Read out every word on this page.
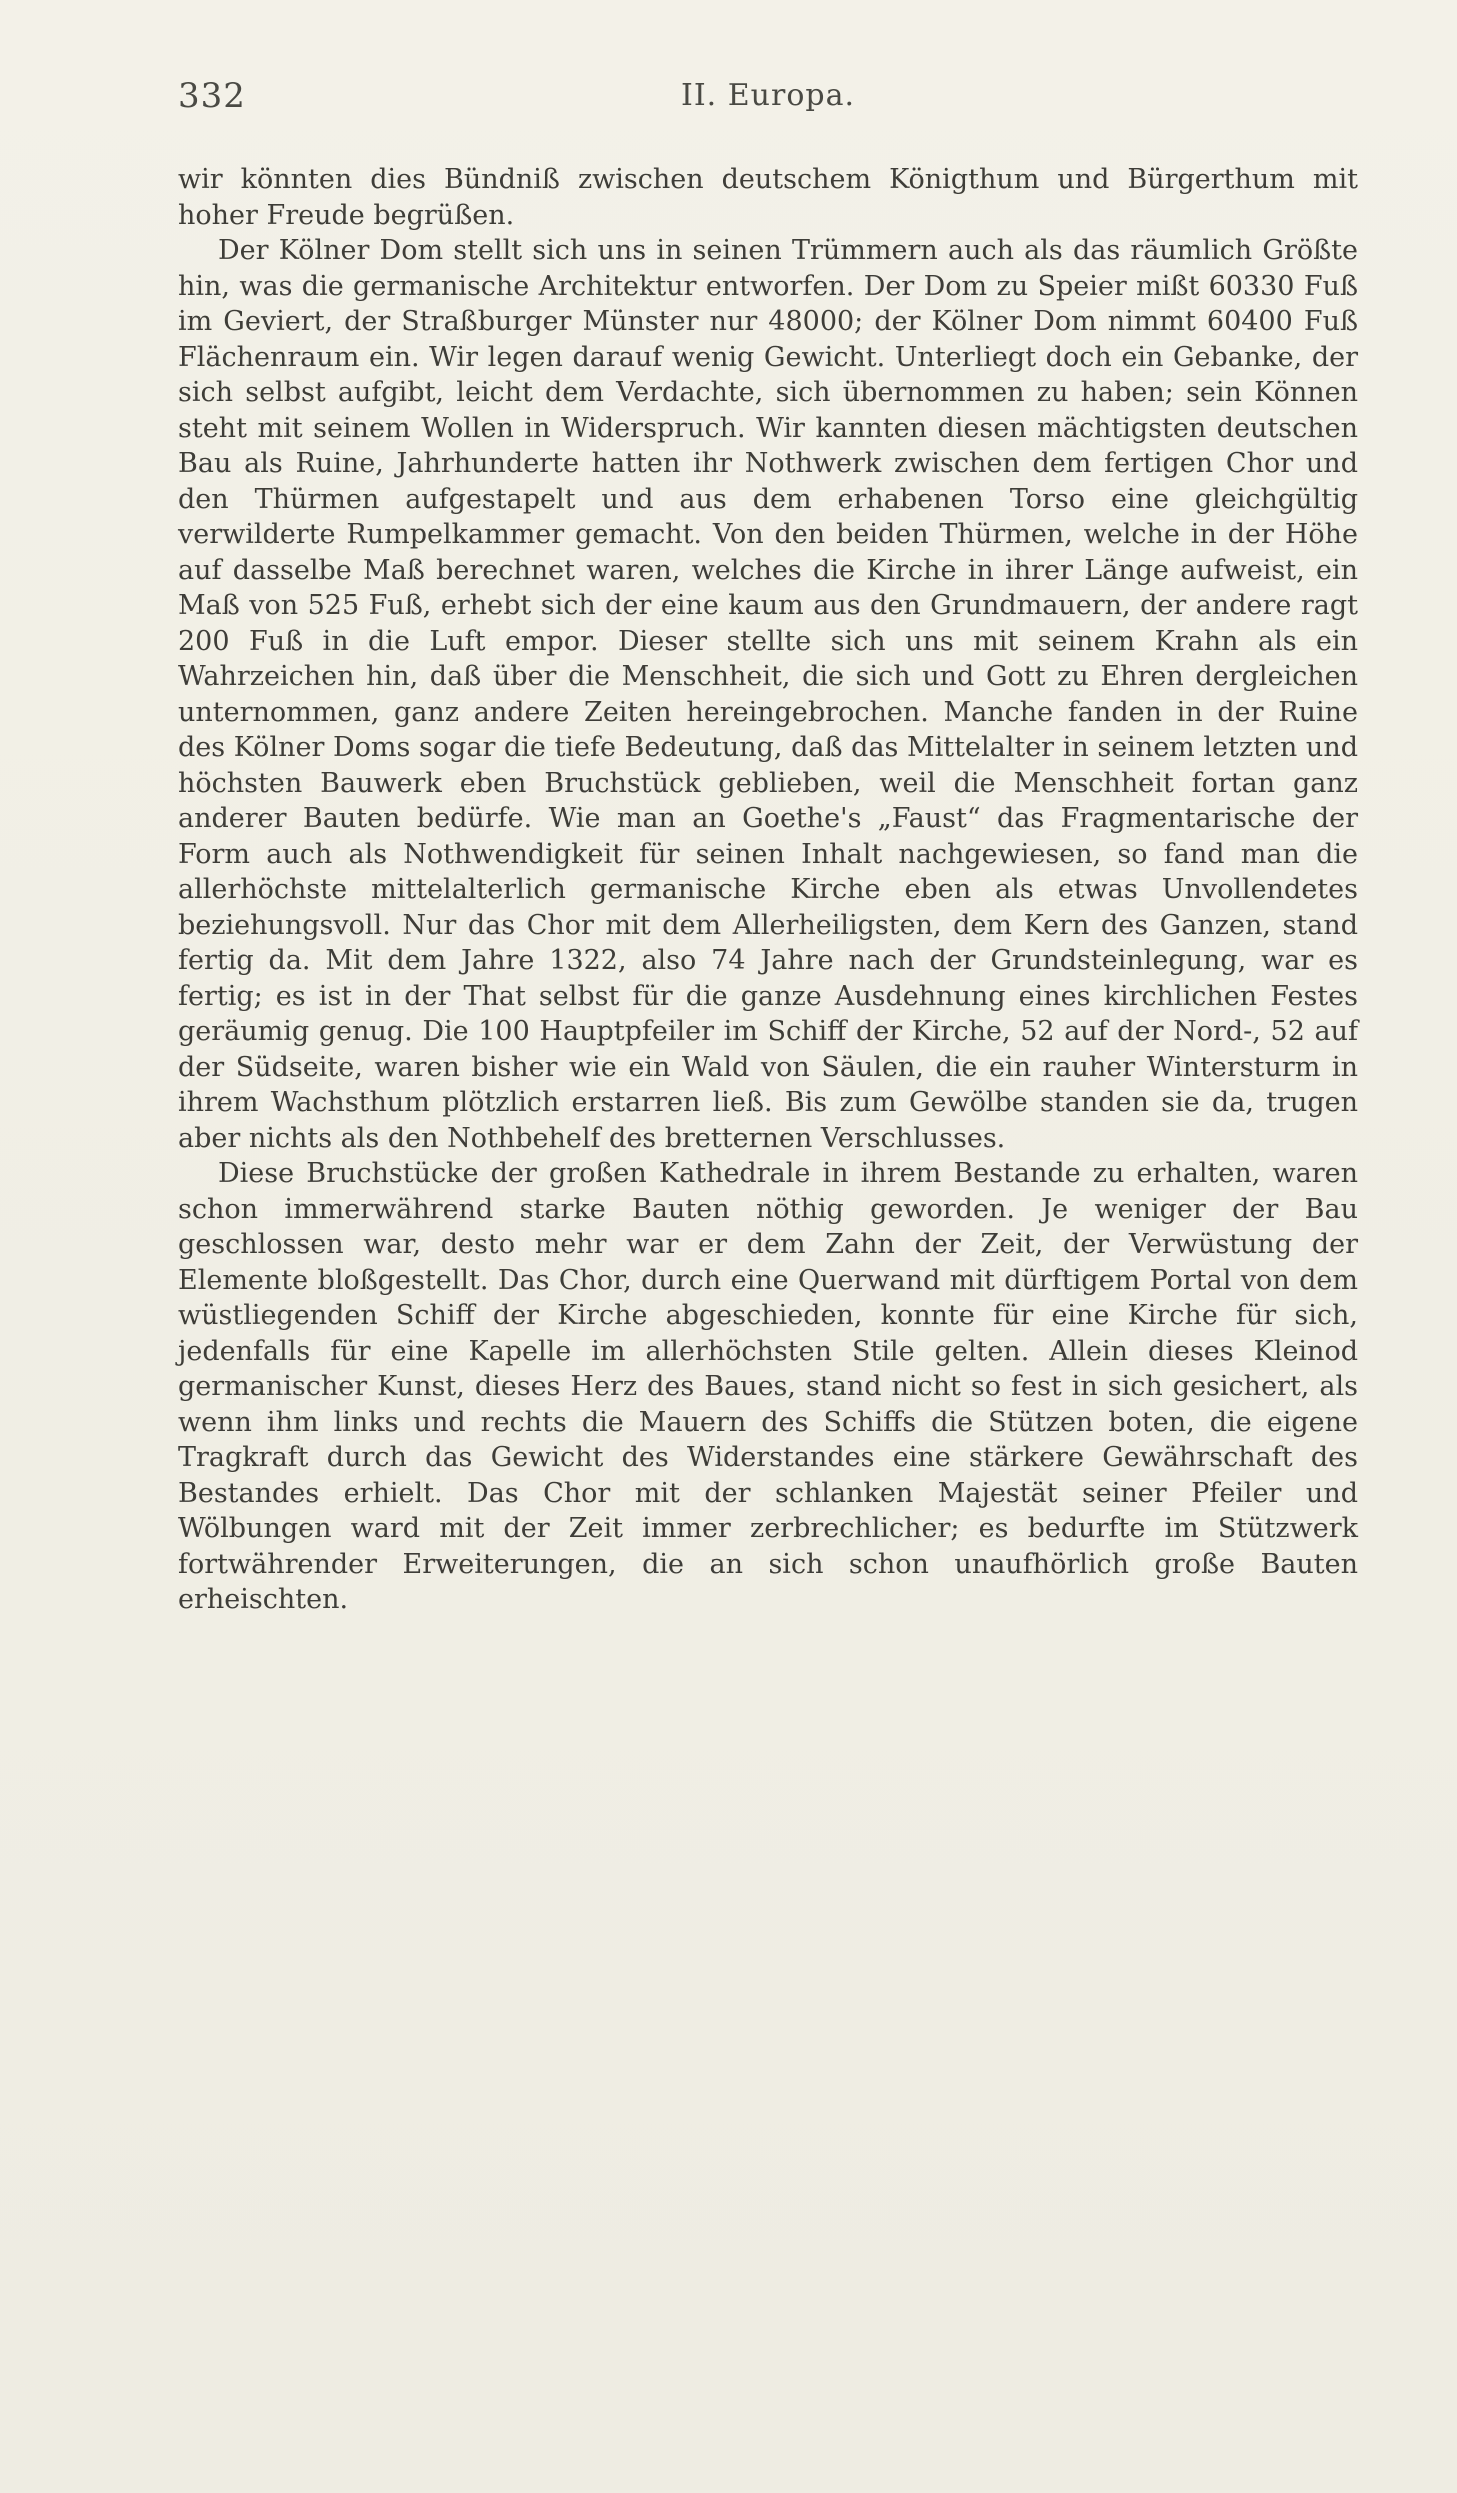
332	II. Europa.

wir könnten dies Bündniß zwischen deutschem Königthum und Bürgerthum mit hoher Freude begrüßen.

Der Kölner Dom stellt sich uns in seinen Trümmern auch als das räumlich Größte hin, was die germanische Architektur entworfen. Der Dom zu Speier mißt 60330 Fuß im Geviert, der Straßburger Münster nur 48000; der Kölner Dom nimmt 60400 Fuß Flächenraum ein. Wir legen darauf wenig Gewicht. Unterliegt doch ein Gebanke, der sich selbst aufgibt, leicht dem Verdachte, sich übernommen zu haben; sein Können steht mit seinem Wollen in Widerspruch. Wir kannten diesen mächtigsten deutschen Bau als Ruine, Jahrhunderte hatten ihr Nothwerk zwischen dem fertigen Chor und den Thürmen aufgestapelt und aus dem erhabenen Torso eine gleichgültig verwilderte Rumpelkammer gemacht. Von den beiden Thürmen, welche in der Höhe auf dasselbe Maß berechnet waren, welches die Kirche in ihrer Länge aufweist, ein Maß von 525 Fuß, erhebt sich der eine kaum aus den Grundmauern, der andere ragt 200 Fuß in die Luft empor. Dieser stellte sich uns mit seinem Krahn als ein Wahrzeichen hin, daß über die Menschheit, die sich und Gott zu Ehren dergleichen unternommen, ganz andere Zeiten hereingebrochen. Manche fanden in der Ruine des Kölner Doms sogar die tiefe Bedeutung, daß das Mittelalter in seinem letzten und höchsten Bauwerk eben Bruchstück geblieben, weil die Menschheit fortan ganz anderer Bauten bedürfe. Wie man an Goethe's „Faust“ das Fragmentarische der Form auch als Nothwendigkeit für seinen Inhalt nachgewiesen, so fand man die allerhöchste mittelalterlich germanische Kirche eben als etwas Unvollendetes beziehungsvoll. Nur das Chor mit dem Allerheiligsten, dem Kern des Ganzen, stand fertig da. Mit dem Jahre 1322, also 74 Jahre nach der Grundsteinlegung, war es fertig; es ist in der That selbst für die ganze Ausdehnung eines kirchlichen Festes geräumig genug. Die 100 Hauptpfeiler im Schiff der Kirche, 52 auf der Nord-, 52 auf der Südseite, waren bisher wie ein Wald von Säulen, die ein rauher Wintersturm in ihrem Wachsthum plötzlich erstarren ließ. Bis zum Gewölbe standen sie da, trugen aber nichts als den Nothbehelf des bretternen Verschlusses.

Diese Bruchstücke der großen Kathedrale in ihrem Bestande zu erhalten, waren schon immerwährend starke Bauten nöthig geworden. Je weniger der Bau geschlossen war, desto mehr war er dem Zahn der Zeit, der Verwüstung der Elemente bloßgestellt. Das Chor, durch eine Querwand mit dürftigem Portal von dem wüstliegenden Schiff der Kirche abgeschieden, konnte für eine Kirche für sich, jedenfalls für eine Kapelle im allerhöchsten Stile gelten. Allein dieses Kleinod germanischer Kunst, dieses Herz des Baues, stand nicht so fest in sich gesichert, als wenn ihm links und rechts die Mauern des Schiffs die Stützen boten, die eigene Tragkraft durch das Gewicht des Widerstandes eine stärkere Gewährschaft des Bestandes erhielt. Das Chor mit der schlanken Majestät seiner Pfeiler und Wölbungen ward mit der Zeit immer zerbrechlicher; es bedurfte im Stützwerk fortwährender Erweiterungen, die an sich schon unaufhörlich große Bauten erheischten.
